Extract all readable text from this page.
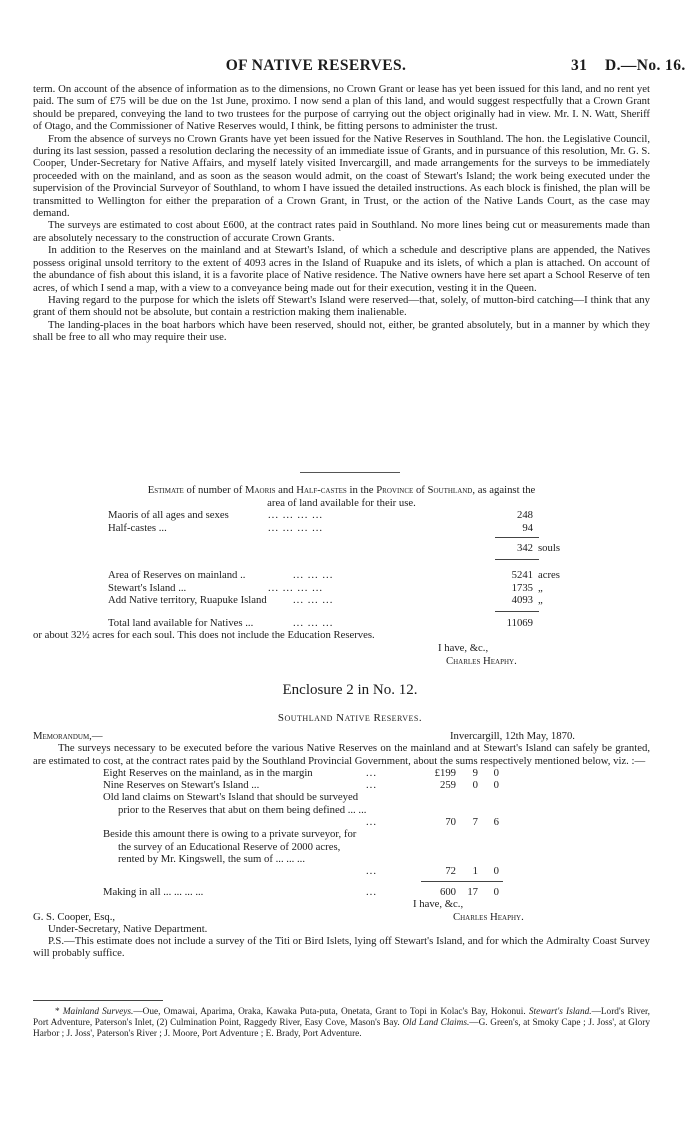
OF NATIVE RESERVES.	31 D.—No. 16.

term. On account of the absence of information as to the dimensions, no Crown Grant or lease has yet been issued for this land, and no rent yet paid. The sum of £75 will be due on the 1st June, proximo. I now send a plan of this land, and would suggest respectfully that a Crown Grant should be prepared, conveying the land to two trustees for the purpose of carrying out the object originally had in view. Mr. I. N. Watt, Sheriff of Otago, and the Commissioner of Native Reserves would, I think, be fitting persons to administer the trust.

From the absence of surveys no Crown Grants have yet been issued for the Native Reserves in Southland. The hon. the Legislative Council, during its last session, passed a resolution declaring the necessity of an immediate issue of Grants, and in pursuance of this resolution, Mr. G. S. Cooper, Under-Secretary for Native Affairs, and myself lately visited Invercargill, and made arrangements for the surveys to be immediately proceeded with on the mainland, and as soon as the season would admit, on the coast of Stewart's Island; the work being executed under the supervision of the Provincial Surveyor of Southland, to whom I have issued the detailed instructions. As each block is finished, the plan will be transmitted to Wellington for either the preparation of a Crown Grant, in Trust, or the action of the Native Lands Court, as the case may demand.

The surveys are estimated to cost about £600, at the contract rates paid in Southland. No more lines being cut or measurements made than are absolutely necessary to the construction of accurate Crown Grants.

In addition to the Reserves on the mainland and at Stewart's Island, of which a schedule and descriptive plans are appended, the Natives possess original unsold territory to the extent of 4093 acres in the Island of Ruapuke and its islets, of which a plan is attached. On account of the abundance of fish about this island, it is a favorite place of Native residence. The Native owners have here set apart a School Reserve of ten acres, of which I send a map, with a view to a conveyance being made out for their execution, vesting it in the Queen.

Having regard to the purpose for which the islets off Stewart's Island were reserved—that, solely, of mutton-bird catching—I think that any grant of them should not be absolute, but contain a restriction making them inalienable.

The landing-places in the boat harbors which have been reserved, should not, either, be granted absolutely, but in a manner by which they shall be free to all who may require their use.

Estimate of number of Maoris and Half-castes in the Province of Southland, as against the
area of land available for their use.
Maoris of all ages and sexes	... ... ... ...	248
Half-castes ...	... ... ... ...	94
342 souls
Area of Reserves on mainland ..	... ... ...	5241 acres
Stewart's Island ...	... ... ... ...	1735 „
Add Native territory, Ruapuke Island ... ... ...	4093 „
Total land available for Natives ...	... ... ...	11069
or about 32½ acres for each soul. This does not include the Education Reserves.
I have, &c.,
Charles Heaphy.
Enclosure 2 in No. 12.
Southland Native Reserves.
Memorandum,—	Invercargill, 12th May, 1870.
The surveys necessary to be executed before the various Native Reserves on the mainland and at Stewart's Island can safely be granted, are estimated to cost, at the contract rates paid by the Southland Provincial Government, about the sums respectively mentioned below, viz. :—
Eight Reserves on the mainland, as in the margin	...	£199	9	0
Nine Reserves on Stewart's Island ...	...	259	0	0
Old land claims on Stewart's Island that should be surveyed prior to the Reserves that abut on them being defined ... ...
...	70	7	6
Beside this amount there is owing to a private surveyor, for the survey of an Educational Reserve of 2000 acres, rented by Mr. Kingswell, the sum of ... ... ...
...	72	1	0
Making in all ... ... ... ...	...	600	17	0
I have, &c.,
G. S. Cooper, Esq.,	Charles Heaphy.
Under-Secretary, Native Department.
P.S.—This estimate does not include a survey of the Titi or Bird Islets, lying off Stewart's Island, and for which the Admiralty Coast Survey will probably suffice.
* Mainland Surveys.—Oue, Omawai, Aparima, Oraka, Kawaka Puta-puta, Onetata, Grant to Topi in Kolac's Bay, Hokonui. Stewart's Island.—Lord's River, Port Adventure, Paterson's Inlet, (2) Culmination Point, Raggedy River, Easy Cove, Mason's Bay. Old Land Claims.—G. Green's, at Smoky Cape ; J. Joss', at Glory Harbor ; J. Joss', Paterson's River ; J. Moore, Port Adventure ; E. Brady, Port Adventure.
